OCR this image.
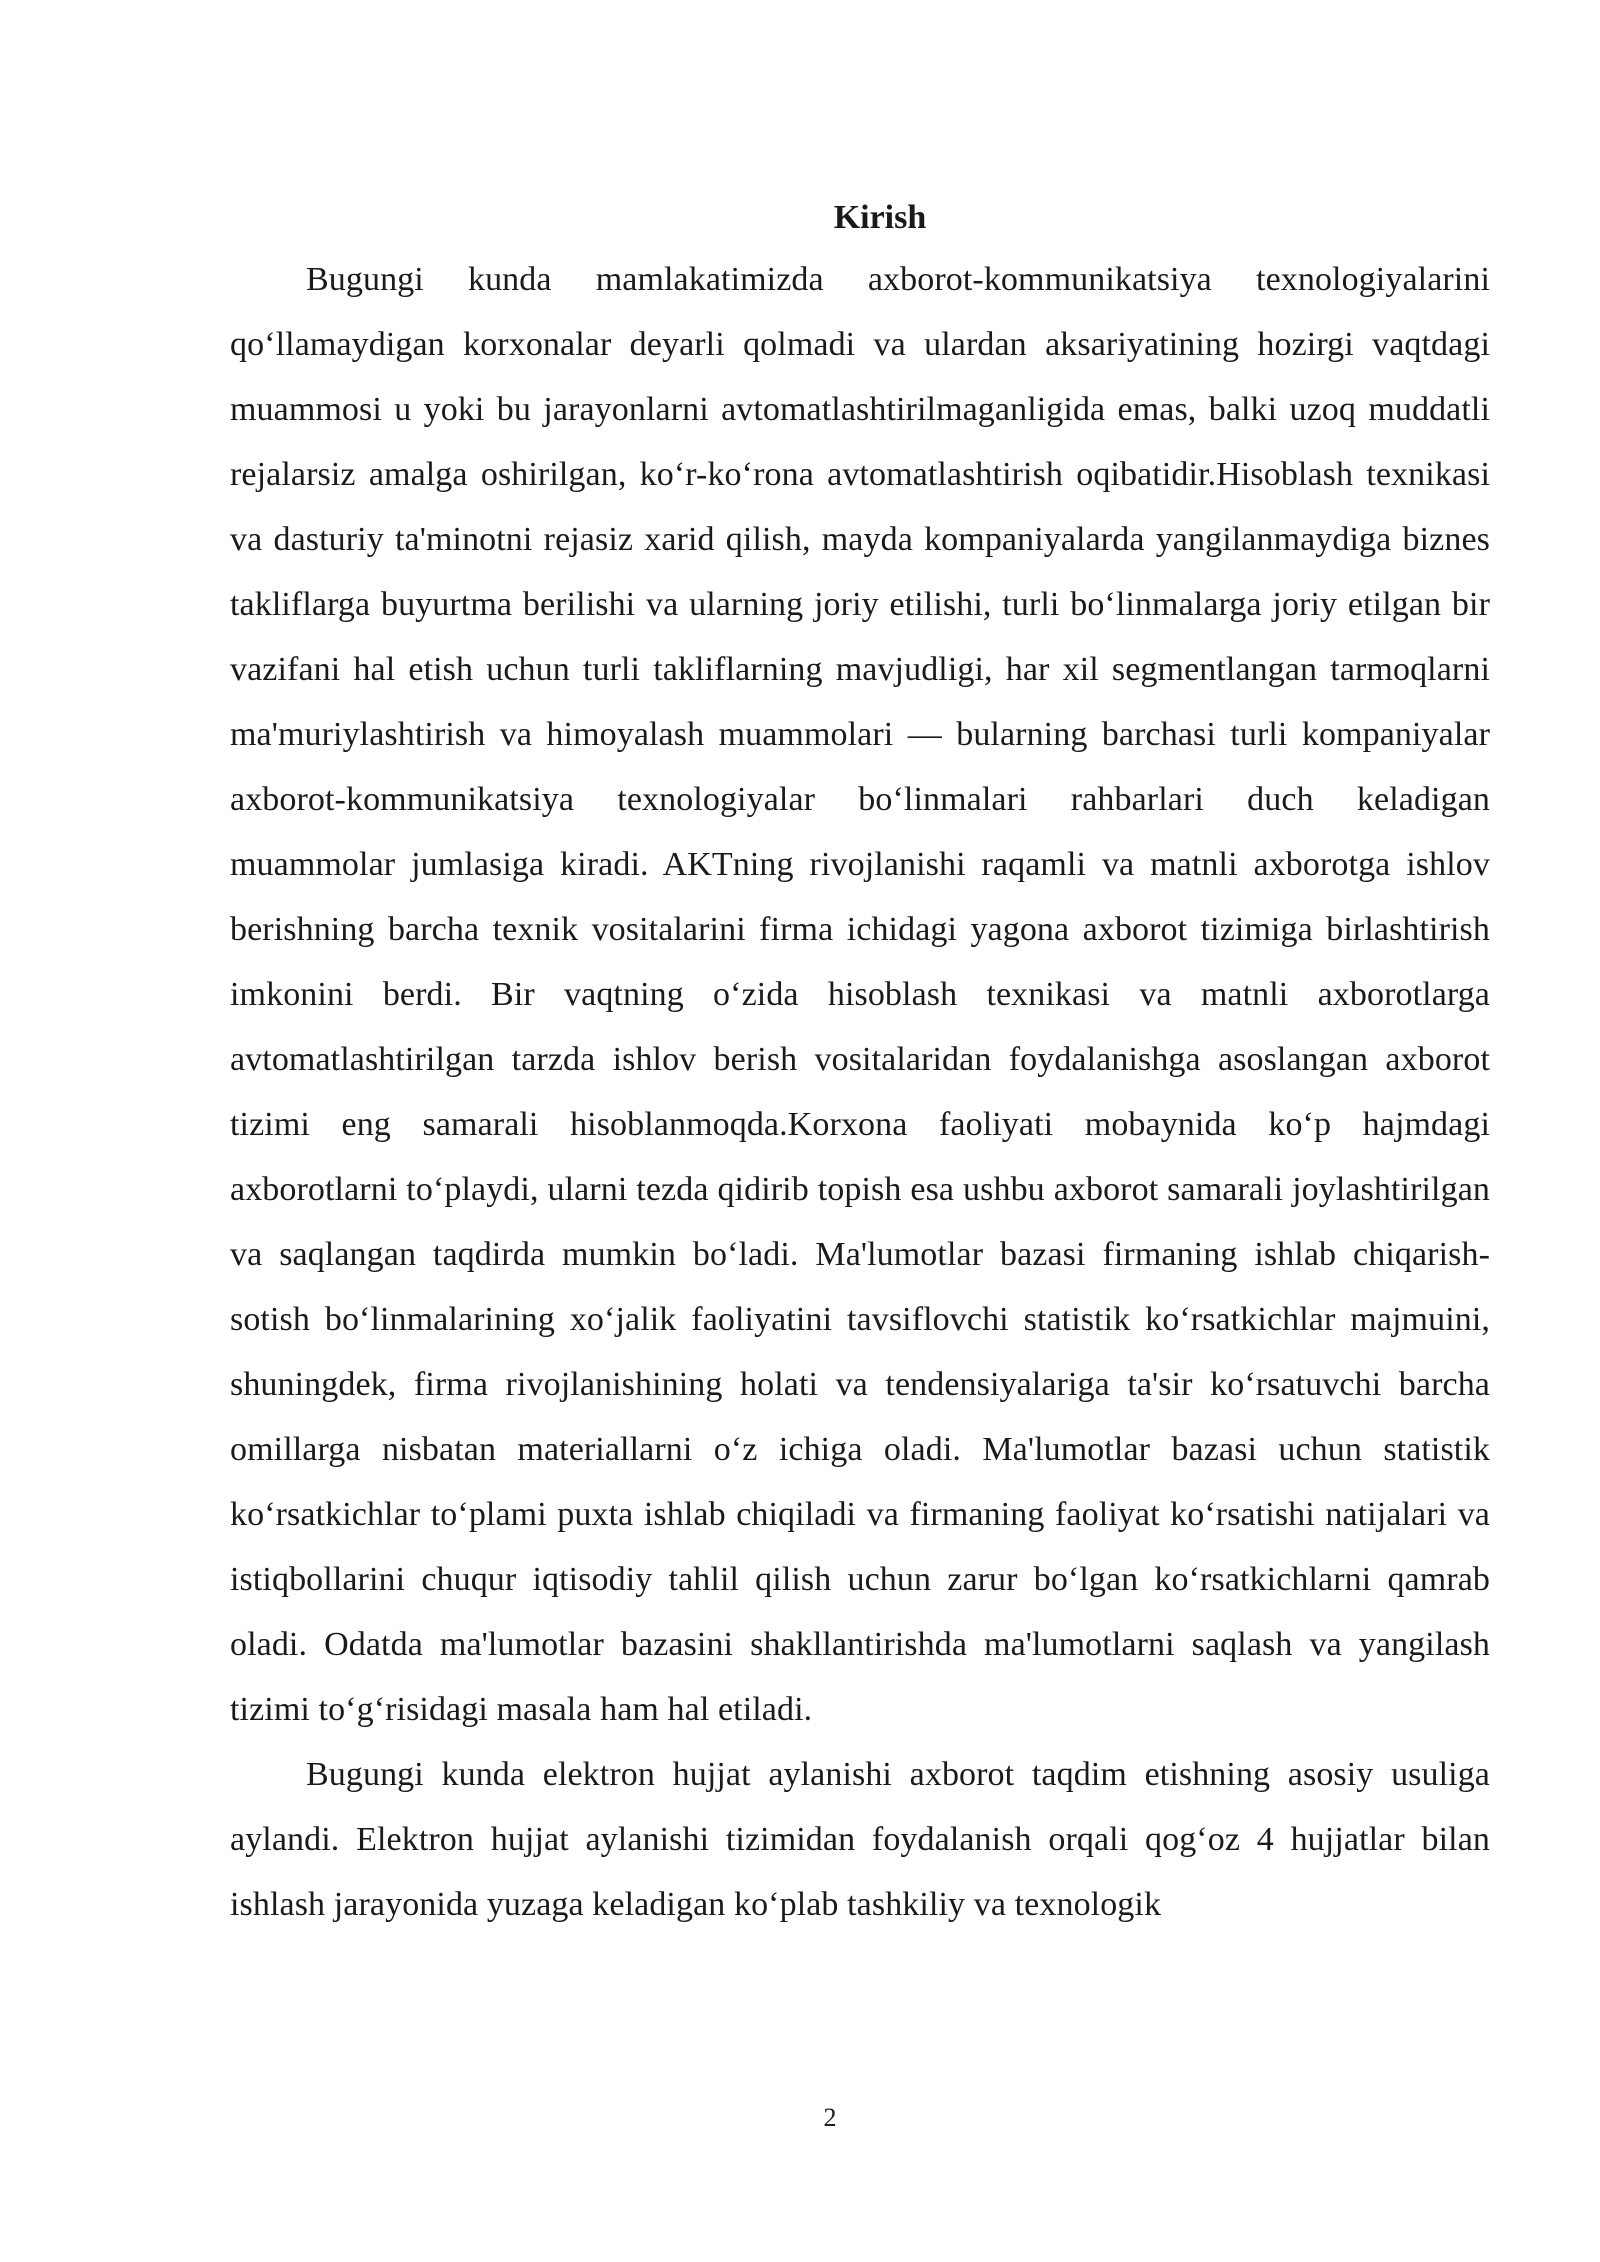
Kirish

Bugungi kunda mamlakatimizda axborot-kommunikatsiya texnologiyalarini qoʻllamaydigan korxonalar deyarli qolmadi va ulardan aksariyatining hozirgi vaqtdagi muammosi u yoki bu jarayonlarni avtomatlashtirilmaganligida emas, balki uzoq muddatli rejalarsiz amalga oshirilgan, koʻr-koʻrona avtomatlashtirish oqibatidir.Hisoblash texnikasi va dasturiy ta'minotni rejasiz xarid qilish, mayda kompaniyalarda yangilanmaydiga biznes takliflarga buyurtma berilishi va ularning joriy etilishi, turli boʻlinmalarga joriy etilgan bir vazifani hal etish uchun turli takliflarning mavjudligi, har xil segmentlangan tarmoqlarni ma'muriylashtirish va himoyalash muammolari — bularning barchasi turli kompaniyalar axborot-kommunikatsiya texnologiyalar boʻlinmalari rahbarlari duch keladigan muammolar jumlasiga kiradi. AKTning rivojlanishi raqamli va matnli axborotga ishlov berishning barcha texnik vositalarini firma ichidagi yagona axborot tizimiga birlashtirish imkonini berdi. Bir vaqtning oʻzida hisoblash texnikasi va matnli axborotlarga avtomatlashtirilgan tarzda ishlov berish vositalaridan foydalanishga asoslangan axborot tizimi eng samarali hisoblanmoqda.Korxona faoliyati mobaynida koʻp hajmdagi axborotlarni toʻplaydi, ularni tezda qidirib topish esa ushbu axborot samarali joylashtirilgan va saqlangan taqdirda mumkin boʻladi. Ma'lumotlar bazasi firmaning ishlab chiqarish-sotish boʻlinmalarining xoʻjalik faoliyatini tavsiflovchi statistik koʻrsatkichlar majmuini, shuningdek, firma rivojlanishining holati va tendensiyalariga ta'sir koʻrsatuvchi barcha omillarga nisbatan materiallarni oʻz ichiga oladi. Ma'lumotlar bazasi uchun statistik koʻrsatkichlar toʻplami puxta ishlab chiqiladi va firmaning faoliyat koʻrsatishi natijalari va istiqbollarini chuqur iqtisodiy tahlil qilish uchun zarur boʻlgan koʻrsatkichlarni qamrab oladi. Odatda ma'lumotlar bazasini shakllantirishda ma'lumotlarni saqlash va yangilash tizimi toʻgʻrisidagi masala ham hal etiladi.

Bugungi kunda elektron hujjat aylanishi axborot taqdim etishning asosiy usuliga aylandi. Elektron hujjat aylanishi tizimidan foydalanish orqali qogʻoz 4 hujjatlar bilan ishlash jarayonida yuzaga keladigan koʻplab tashkiliy va texnologik

2
